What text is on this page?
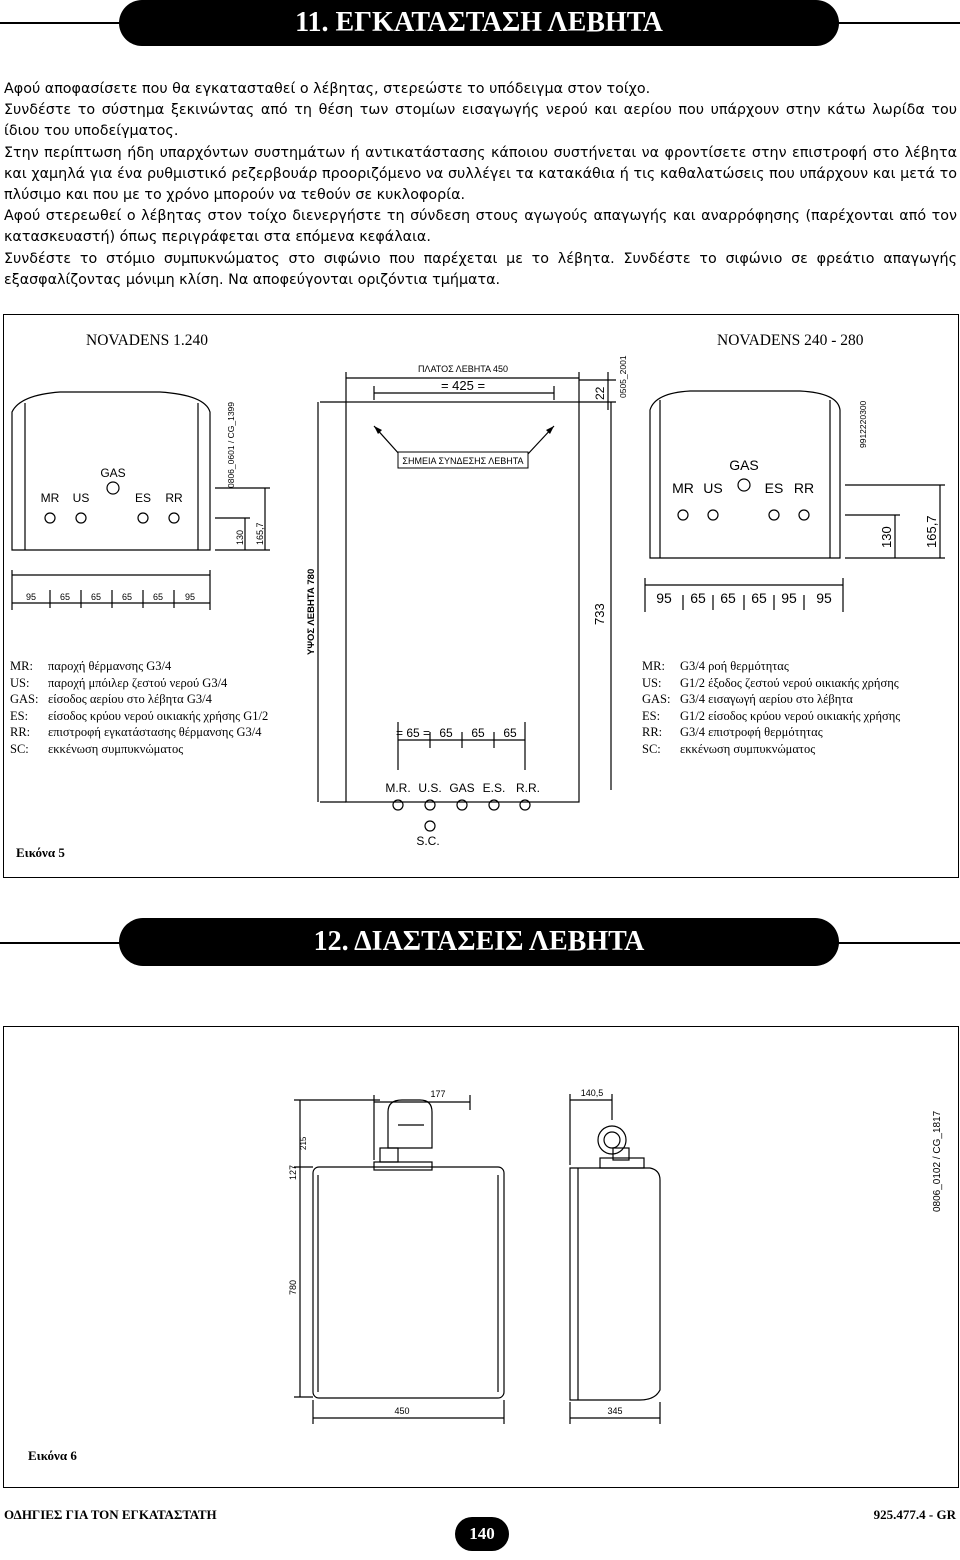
11. ΕΓΚΑΤΑΣΤΑΣΗ ΛΕΒΗΤΑ

Αφού αποφασίσετε που θα εγκατασταθεί ο λέβητας, στερεώστε το υπόδειγμα στον τοίχο.

Συνδέστε το σύστημα ξεκινώντας από τη θέση των στομίων εισαγωγής νερού και αερίου που υπάρχουν στην κάτω λωρίδα του ίδιου του υποδείγματος.

Στην περίπτωση ήδη υπαρχόντων συστημάτων ή αντικατάστασης κάποιου συστήνεται να φροντίσετε στην επιστροφή στο λέβητα και χαμηλά για ένα ρυθμιστικό ρεζερβουάρ προοριζόμενο να συλλέγει τα κατακάθια ή τις καθαλατώσεις που υπάρχουν και μετά το πλύσιμο και που με το χρόνο μπορούν να τεθούν σε κυκλοφορία.

Αφού στερεωθεί ο λέβητας στον τοίχο διενεργήστε τη σύνδεση στους αγωγούς απαγωγής και αναρρόφησης (παρέχονται από τον κατασκευαστή) όπως περιγράφεται στα επόμενα κεφάλαια.

Συνδέστε το στόμιο συμπυκνώματος στο σιφώνιο που παρέχεται με το λέβητα. Συνδέστε το σιφώνιο σε φρεάτιο απαγωγής εξασφαλίζοντας μόνιμη κλίση. Να αποφεύγονται οριζόντια τμήματα.

NOVADENS 1.240	NOVADENS 240 - 280
GAS
MR US	ES RR
95	65 65 65 65 95
130 165,7
0806_0601 / CG_1399
ΠΛΑΤΟΣ ΛΕΒΗΤΑ 450
= 425 =
22 0505_2001
ΣΗΜΕΙΑ ΣΥΝΔΕΣΗΣ ΛΕΒΗΤΑ
ΥΨΟΣ ΛΕΒΗΤΑ 780	733
= 65 = 65 65 65
M.R. U.S. GAS E.S. R.R.
S.C.
GAS
MR US	ES RR
95 65 65 65 95 95
130 165,7
9912220300
MR:	παροχή θέρμανσης G3/4
US:	παροχή μπόιλερ ζεστού νερού G3/4
GAS: είσοδος αερίου στο λέβητα G3/4
ES:	είσοδος κρύου νερού οικιακής χρήσης G1/2
RR:	επιστροφή εγκατάστασης θέρμανσης G3/4
SC:	εκκένωση συμπυκνώματος
MR:	G3/4 ροή θερμότητας
US:	G1/2 έξοδος ζεστού νερού οικιακής χρήσης
GAS: G3/4 εισαγωγή αερίου στο λέβητα
ES:	G1/2 είσοδος κρύου νερού οικιακής χρήσης
RR:	G3/4 επιστροφή θερμότητας
SC:	εκκένωση συμπυκνώματος
Εικόνα 5
12. ΔΙΑΣΤΑΣΕΙΣ ΛΕΒΗΤΑ
177	140,5
127
215
780
450	345
0806_0102 / CG_1817
Εικόνα 6
ΟΔΗΓΙΕΣ ΓΙΑ ΤΟΝ ΕΓΚΑΤΑΣΤΑΤΗ	925.477.4 - GR
140
